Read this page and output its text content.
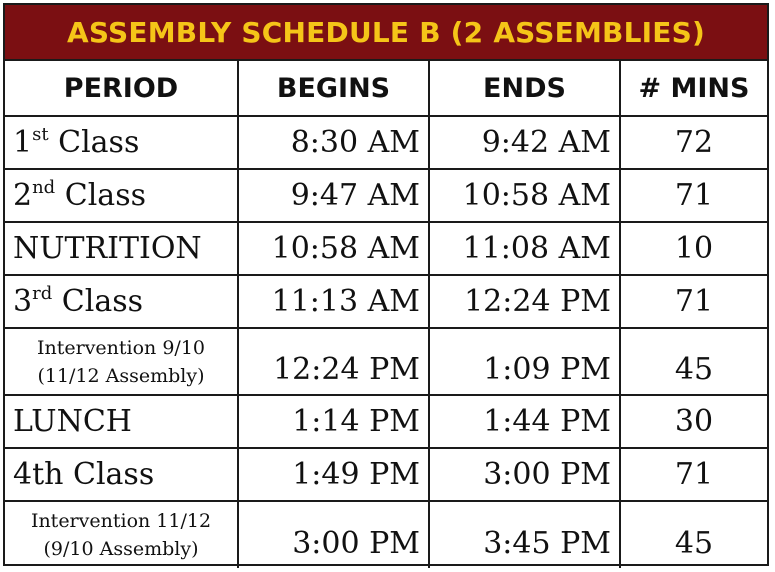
ASSEMBLY SCHEDULE B (2 ASSEMBLIES)
PERIOD	BEGINS	ENDS	# MINS
1st Class	8:30 AM	9:42 AM	72
2nd Class	9:47 AM	10:58 AM	71
NUTRITION	10:58 AM	11:08 AM	10
3rd Class	11:13 AM	12:24 PM	71

Intervention 9/10
(11/12 Assembly)	12:24 PM	1:09 PM	45
LUNCH	1:14 PM	1:44 PM	30
4th Class	1:49 PM	3:00 PM	71

Intervention 11/12
(9/10 Assembly)	3:00 PM	3:45 PM	45
